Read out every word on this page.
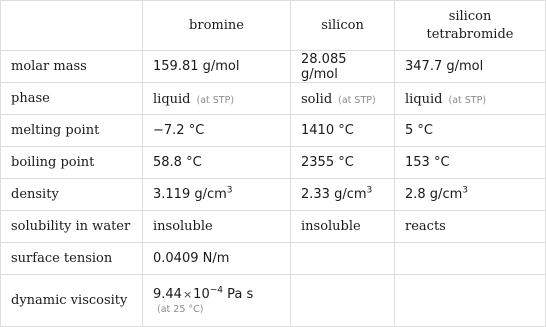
	bromine	silicon	silicon tetrabromide
molar mass	159.81 g/mol	28.085 g/mol	347.7 g/mol
phase	liquid (at STP)	solid (at STP)	liquid (at STP)
melting point	−7.2 °C	1410 °C	5 °C
boiling point	58.8 °C	2355 °C	153 °C
density	3.119 $g/cm^3$	2.33 $g/cm^3$	2.8 $g/cm^3$
solubility in water	insoluble	insoluble	reacts
surface tension	0.0409 N/m		
dynamic viscosity	$9.44\times 10^{-4}$ Pa s
(at 25 °C)		
